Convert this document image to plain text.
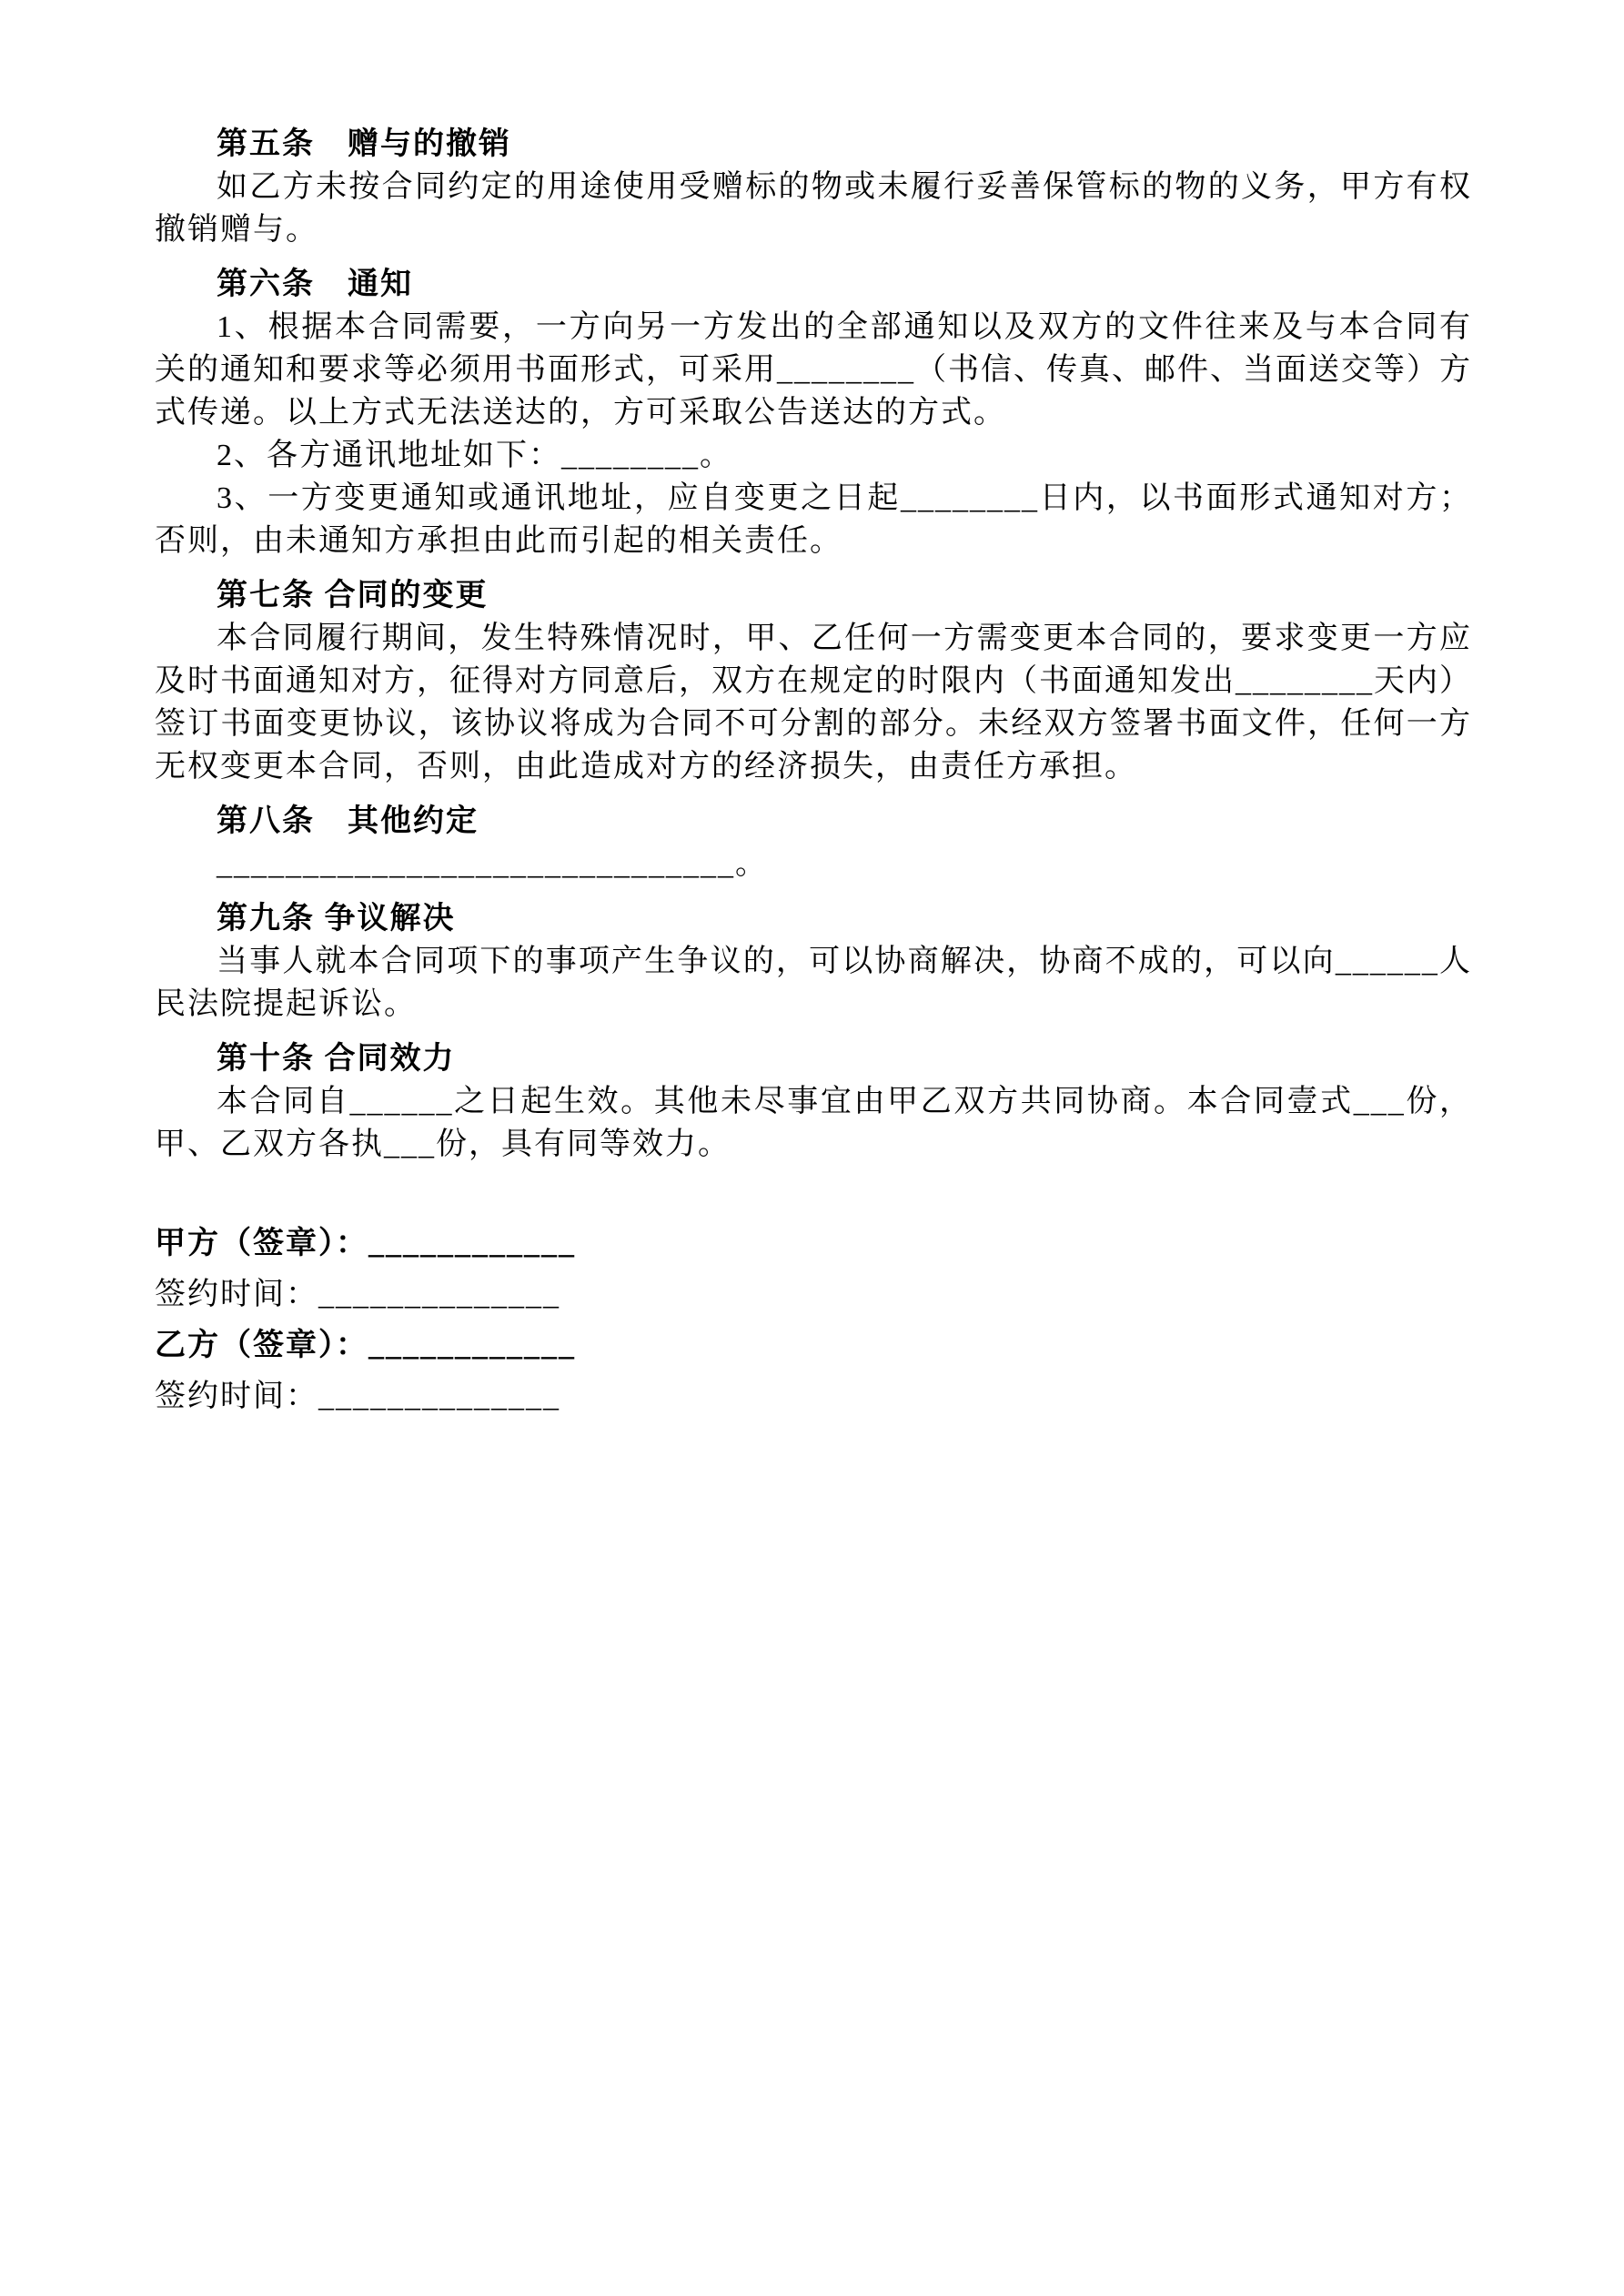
第五条　赠与的撤销

如乙方未按合同约定的用途使用受赠标的物或未履行妥善保管标的物的义务，甲方有权撤销赠与。

第六条　通知

1、根据本合同需要，一方向另一方发出的全部通知以及双方的文件往来及与本合同有关的通知和要求等必须用书面形式，可采用________（书信、传真、邮件、当面送交等）方式传递。以上方式无法送达的，方可采取公告送达的方式。

2、各方通讯地址如下：________。

3、一方变更通知或通讯地址，应自变更之日起________日内，以书面形式通知对方；否则，由未通知方承担由此而引起的相关责任。

第七条 合同的变更

本合同履行期间，发生特殊情况时，甲、乙任何一方需变更本合同的，要求变更一方应及时书面通知对方，征得对方同意后，双方在规定的时限内（书面通知发出________天内）签订书面变更协议，该协议将成为合同不可分割的部分。未经双方签署书面文件，任何一方无权变更本合同，否则，由此造成对方的经济损失，由责任方承担。

第八条　其他约定

______________________________。

第九条 争议解决

当事人就本合同项下的事项产生争议的，可以协商解决，协商不成的，可以向______人民法院提起诉讼。

第十条 合同效力

本合同自______之日起生效。其他未尽事宜由甲乙双方共同协商。本合同壹式___份，甲、乙双方各执___份，具有同等效力。

甲方（签章）：____________

签约时间：______________

乙方（签章）：____________

签约时间：______________
